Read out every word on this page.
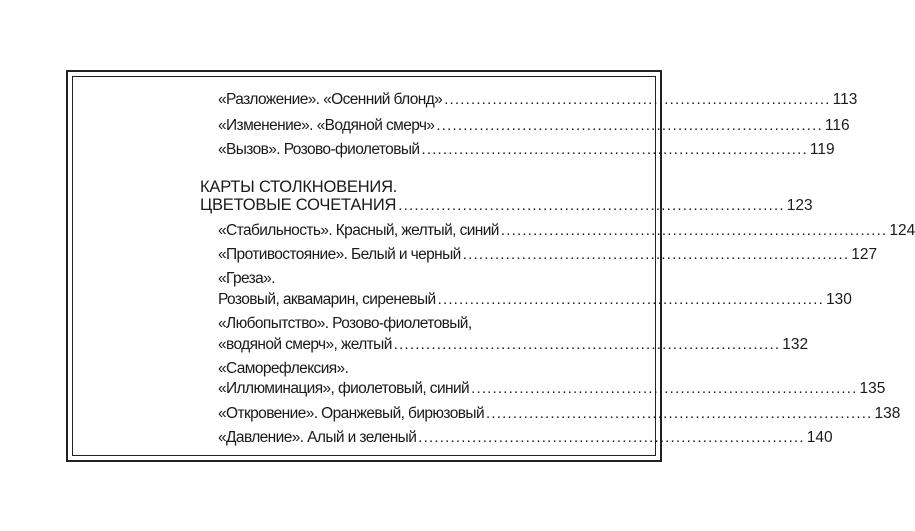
«Разложение». «Осенний блонд» ........................................................................ 113
«Изменение». «Водяной смерч» ........................................................................ 116
«Вызов». Розово-фиолетовый ........................................................................ 119
КАРТЫ СТОЛКНОВЕНИЯ.
ЦВЕТОВЫЕ СОЧЕТАНИЯ ........................................................................ 123
«Стабильность». Красный, желтый, синий ........................................................................ 124
«Противостояние». Белый и черный ........................................................................ 127
«Греза».
Розовый, аквамарин, сиреневый ........................................................................ 130
«Любопытство». Розово-фиолетовый,
«водяной смерч», желтый ........................................................................ 132
«Саморефлексия».
«Иллюминация», фиолетовый, синий ........................................................................ 135
«Откровение». Оранжевый, бирюзовый ........................................................................ 138
«Давление». Алый и зеленый ........................................................................ 140
